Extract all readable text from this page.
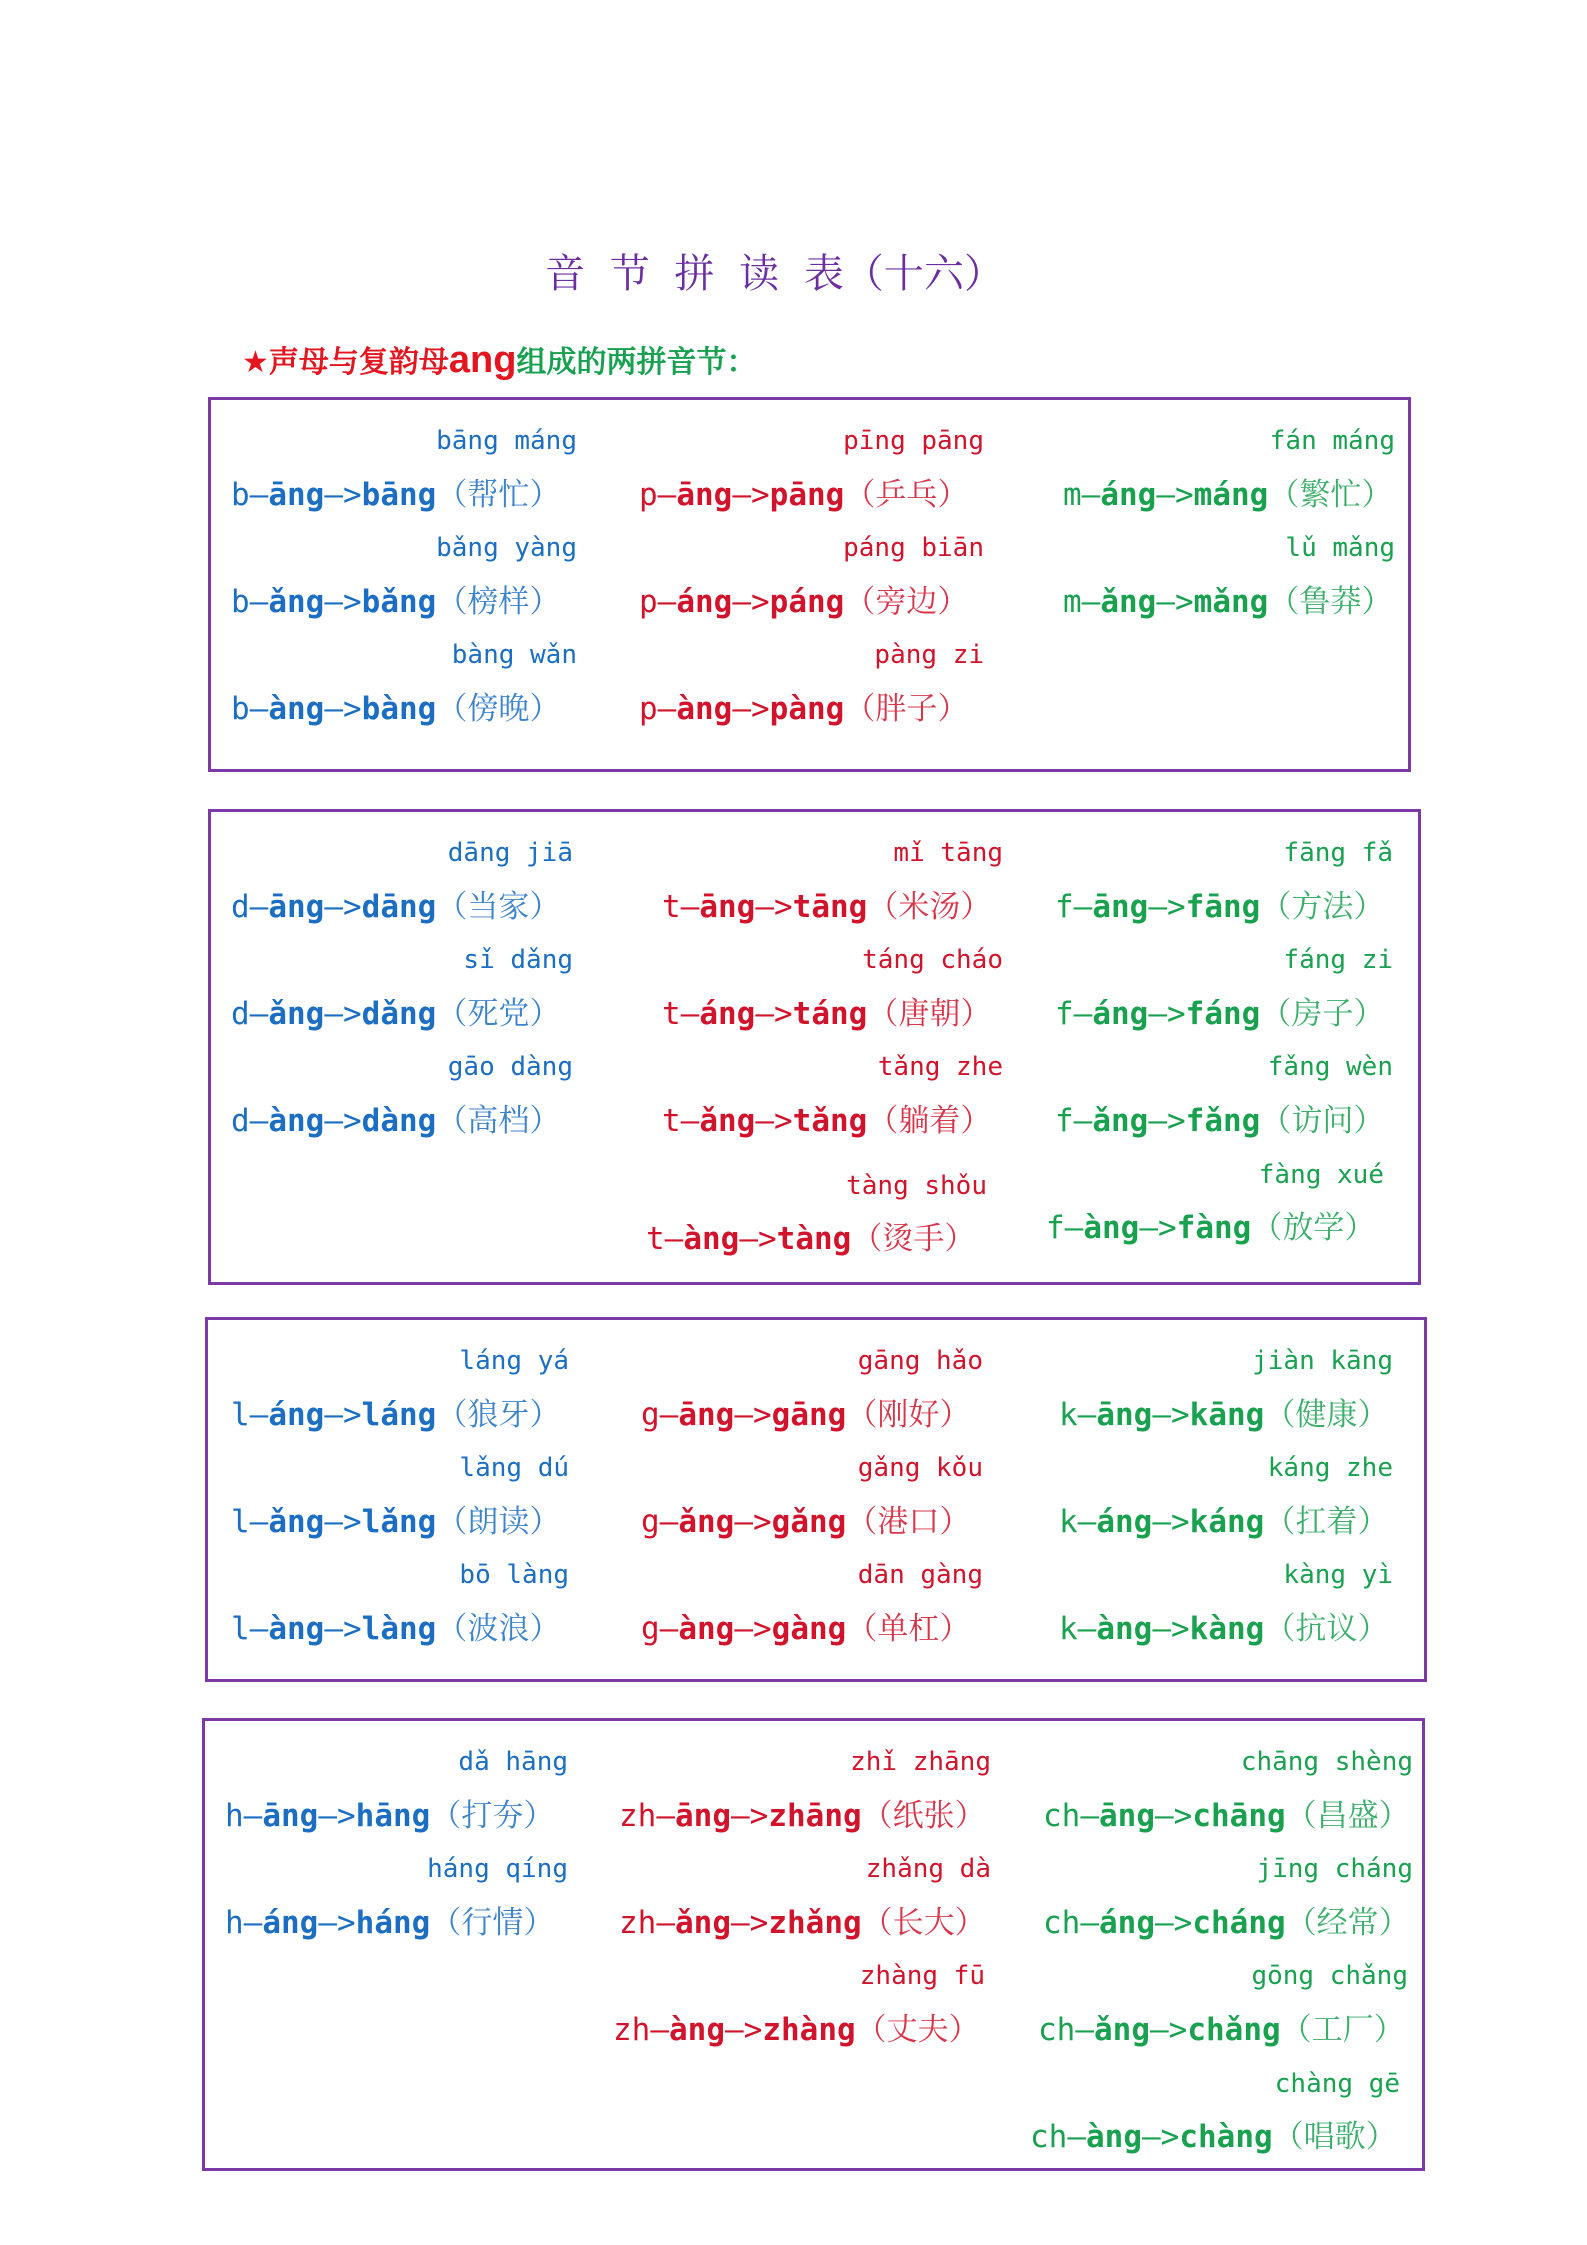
音 节 拼 读 表（十六）
★声母与复韵母ang组成的两拼音节：
bāng máng
b—āng—>bāng（帮忙）
bǎng yàng
b—ǎng—>bǎng（榜样）
bàng wǎn
b—àng—>bàng（傍晚）
pīng pāng
p—āng—>pāng（乒乓）
páng biān
p—áng—>páng（旁边）
pàng zi
p—àng—>pàng（胖子）
fán máng
m—áng—>máng（繁忙）
lǔ mǎng
m—ǎng—>mǎng（鲁莽）
dāng jiā
d—āng—>dāng（当家）
sǐ dǎng
d—ǎng—>dǎng（死党）
gāo dàng
d—àng—>dàng（高档）
mǐ tāng
t—āng—>tāng（米汤）
táng cháo
t—áng—>táng（唐朝）
tǎng zhe
t—ǎng—>tǎng（躺着）
tàng shǒu
t—àng—>tàng（烫手）
fāng fǎ
f—āng—>fāng（方法）
fáng zi
f—áng—>fáng（房子）
fǎng wèn
f—ǎng—>fǎng（访问）
fàng xué
f—àng—>fàng（放学）
láng yá
l—áng—>láng（狼牙）
lǎng dú
l—ǎng—>lǎng（朗读）
bō làng
l—àng—>làng（波浪）
gāng hǎo
g—āng—>gāng（刚好）
gǎng kǒu
g—ǎng—>gǎng（港口）
dān gàng
g—àng—>gàng（单杠）
jiàn kāng
k—āng—>kāng（健康）
káng zhe
k—áng—>káng（扛着）
kàng yì
k—àng—>kàng（抗议）
dǎ hāng
h—āng—>hāng（打夯）
háng qíng
h—áng—>háng（行情）
zhǐ zhāng
zh—āng—>zhāng（纸张）
zhǎng dà
zh—ǎng—>zhǎng（长大）
zhàng fū
zh—àng—>zhàng（丈夫）
chāng shèng
ch—āng—>chāng（昌盛）
jīng cháng
ch—áng—>cháng（经常）
gōng chǎng
ch—ǎng—>chǎng（工厂）
chàng gē
ch—àng—>chàng（唱歌）
